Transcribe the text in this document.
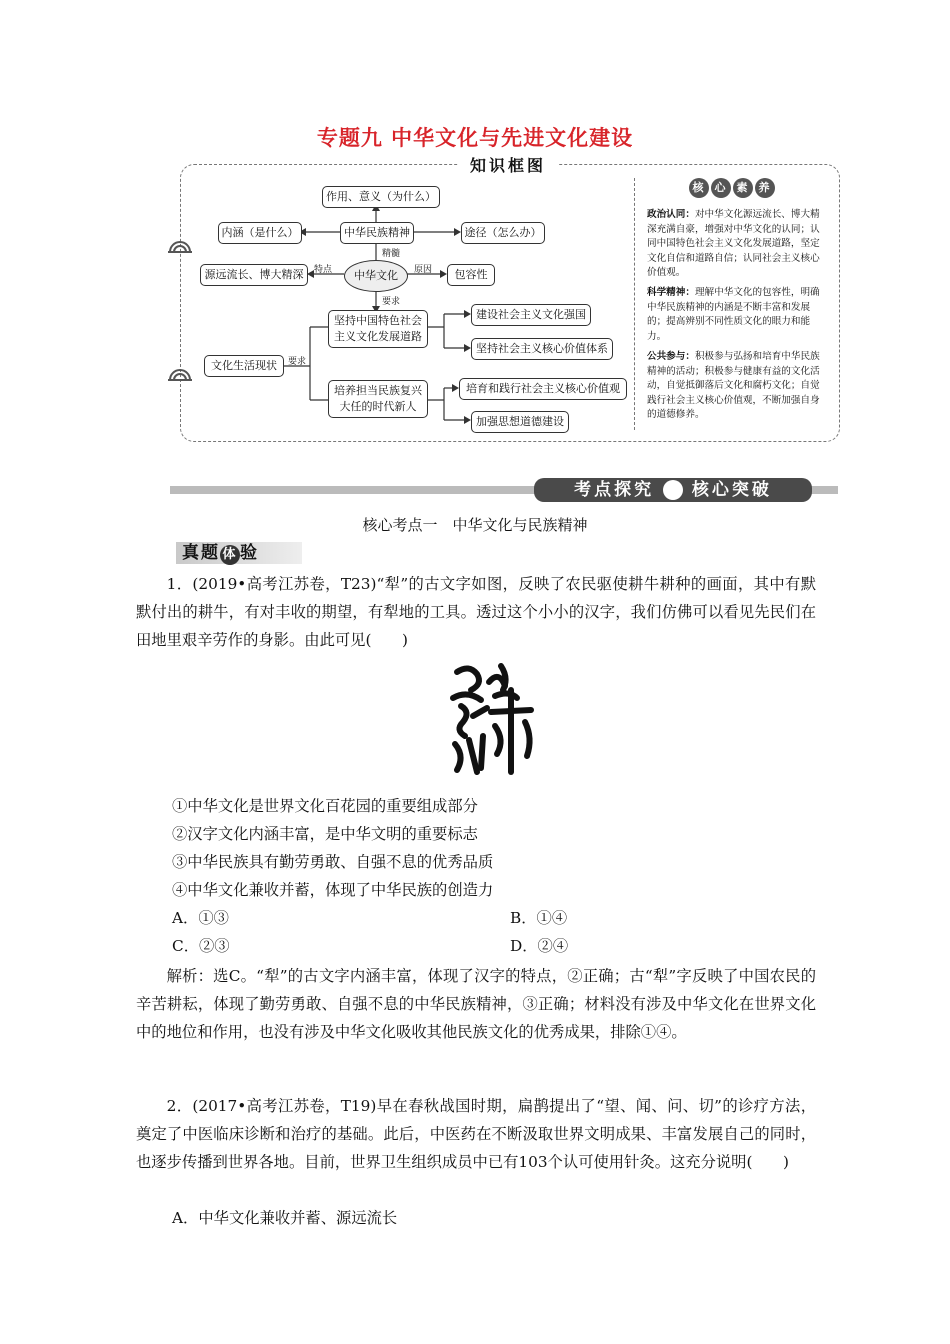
专题九 中华文化与先进文化建设
知识框图
作用、意义（为什么）
中华民族精神
内涵（是什么）	途径（怎么办）
精髓
中华文化
特点	原因
源远流长、博大精深	包容性
要求
坚持中国特色社会主义文化发展道路
建设社会主义文化强国
坚持社会主义核心价值体系
文化生活现状	要求
培养担当民族复兴大任的时代新人
培育和践行社会主义核心价值观
加强思想道德建设
核 心 素 养
政治认同：对中华文化源远流长、博大精深充满自豪，增强对中华文化的认同；认同中国特色社会主义文化发展道路，坚定文化自信和道路自信；认同社会主义核心价值观。
科学精神：理解中华文化的包容性，明确中华民族精神的内涵是不断丰富和发展的；提高辨别不同性质文化的眼力和能力。
公共参与：积极参与弘扬和培育中华民族精神的活动；积极参与健康有益的文化活动，自觉抵御落后文化和腐朽文化；自觉践行社会主义核心价值观，不断加强自身的道德修养。
考点探究 核心突破
核心考点一　中华文化与民族精神
真题 体 验

1．(2019•高考江苏卷，T23)“犁”的古文字如图，反映了农民驱使耕牛耕种的画面，其中有默默付出的耕牛，有对丰收的期望，有犁地的工具。透过这个小小的汉字，我们仿佛可以看见先民们在田地里艰辛劳作的身影。由此可见(　　)

①中华文化是世界文化百花园的重要组成部分
②汉字文化内涵丰富，是中华文明的重要标志
③中华民族具有勤劳勇敢、自强不息的优秀品质
④中华文化兼收并蓄，体现了中华民族的创造力
A．①③	B．①④
C．②③	D．②④

解析：选C。“犁”的古文字内涵丰富，体现了汉字的特点，②正确；古“犁”字反映了中国农民的辛苦耕耘，体现了勤劳勇敢、自强不息的中华民族精神，③正确；材料没有涉及中华文化在世界文化中的地位和作用，也没有涉及中华文化吸收其他民族文化的优秀成果，排除①④。

2．(2017•高考江苏卷，T19)早在春秋战国时期，扁鹊提出了“望、闻、问、切”的诊疗方法，奠定了中医临床诊断和治疗的基础。此后，中医药在不断汲取世界文明成果、丰富发展自己的同时，也逐步传播到世界各地。目前，世界卫生组织成员中已有103个认可使用针灸。这充分说明(　　)

A．中华文化兼收并蓄、源远流长
